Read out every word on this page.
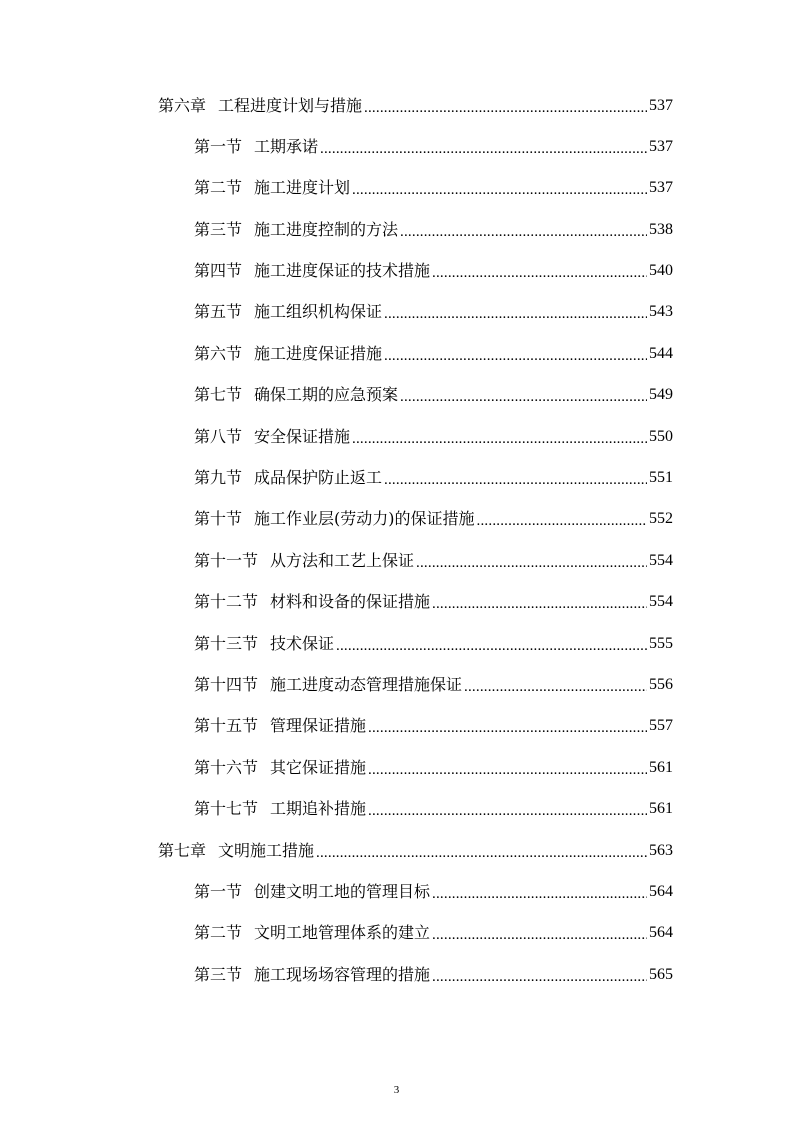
第六章 工程进度计划与措施 .....	537
第一节 工期承诺 .....	537
第二节 施工进度计划 .....	537
第三节 施工进度控制的方法 .....	538
第四节 施工进度保证的技术措施 .....	540
第五节 施工组织机构保证 .....	543
第六节 施工进度保证措施 .....	544
第七节 确保工期的应急预案 .....	549
第八节 安全保证措施 .....	550
第九节 成品保护防止返工 .....	551
第十节 施工作业层(劳动力)的保证措施 .....	552
第十一节 从方法和工艺上保证 .....	554
第十二节 材料和设备的保证措施 .....	554
第十三节 技术保证 .....	555
第十四节 施工进度动态管理措施保证 .....	556
第十五节 管理保证措施 .....	557
第十六节 其它保证措施 .....	561
第十七节 工期追补措施 .....	561
第七章 文明施工措施 .....	563
第一节 创建文明工地的管理目标 .....	564
第二节 文明工地管理体系的建立 .....	564
第三节 施工现场场容管理的措施 .....	565
3
